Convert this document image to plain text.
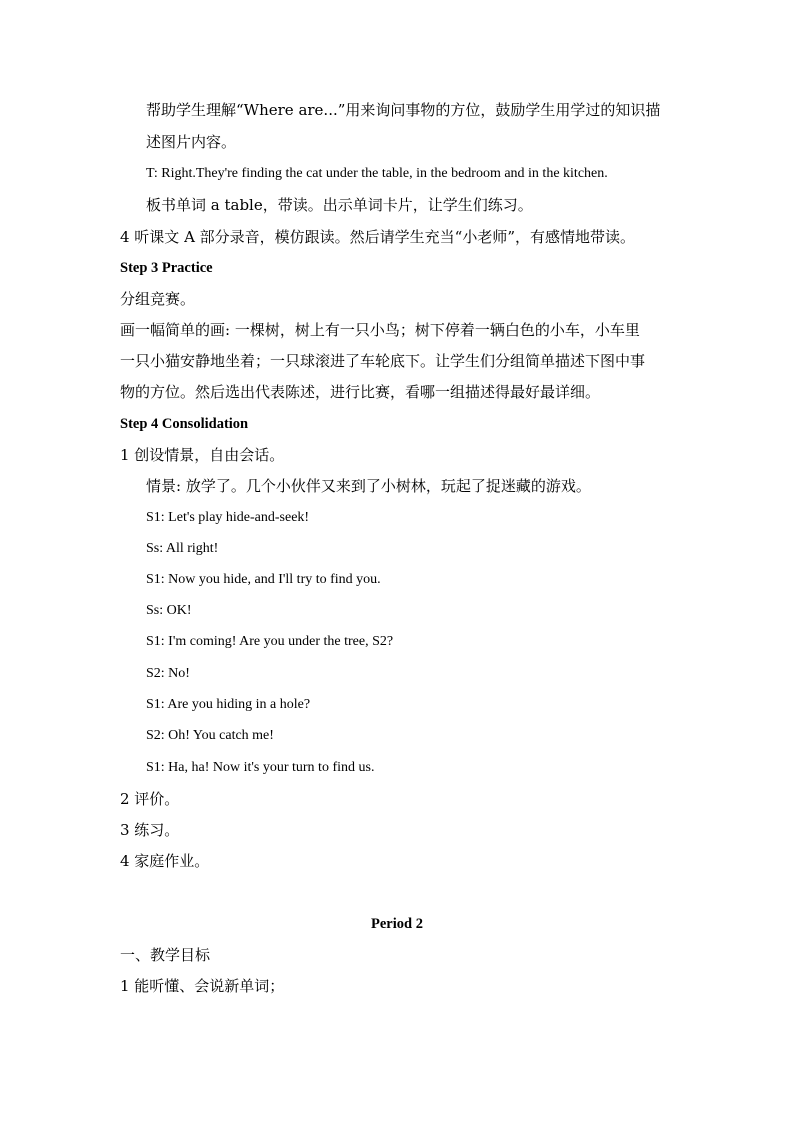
帮助学生理解“Where are...”用来询问事物的方位，鼓励学生用学过的知识描
述图片内容。
T: Right.They're finding the cat under the table, in the bedroom and in the kitchen.
板书单词 a table，带读。出示单词卡片，让学生们练习。
4 听课文 A 部分录音，模仿跟读。然后请学生充当“小老师”，有感情地带读。
Step 3 Practice
分组竞赛。
画一幅简单的画: 一棵树，树上有一只小鸟；树下停着一辆白色的小车，小车里
一只小猫安静地坐着；一只球滚进了车轮底下。让学生们分组简单描述下图中事
物的方位。然后选出代表陈述，进行比赛，看哪一组描述得最好最详细。
Step 4 Consolidation
1 创设情景，自由会话。
情景: 放学了。几个小伙伴又来到了小树林，玩起了捉迷藏的游戏。
S1: Let's play hide-and-seek!
Ss: All right!
S1: Now you hide, and I'll try to find you.
Ss: OK!
S1: I'm coming! Are you under the tree, S2?
S2: No!
S1: Are you hiding in a hole?
S2: Oh! You catch me!
S1: Ha, ha! Now it's your turn to find us.
2 评价。
3 练习。
4 家庭作业。
Period 2
一、教学目标
1 能听懂、会说新单词；
